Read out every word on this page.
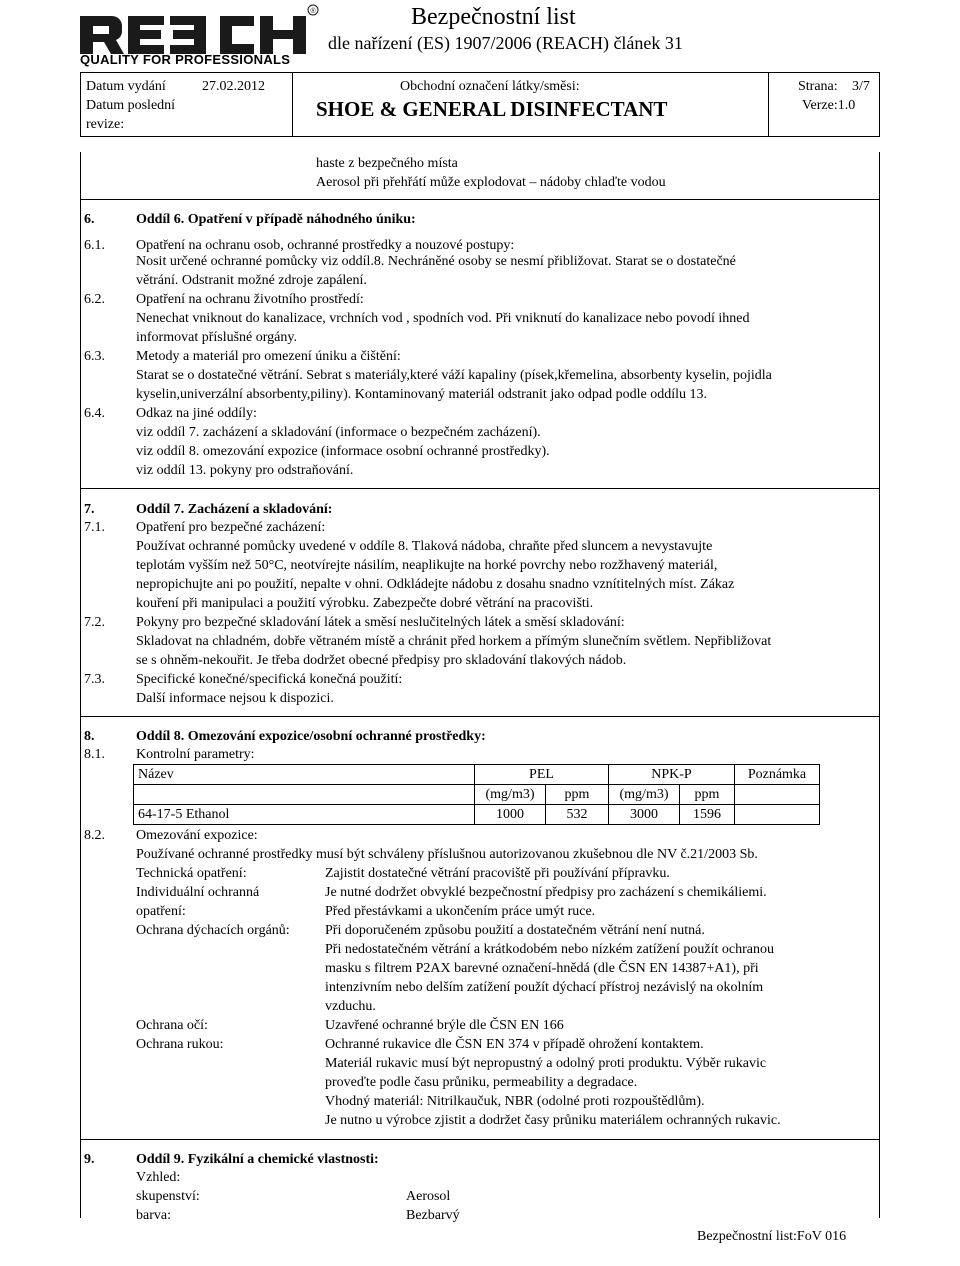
®
QUALITY FOR PROFESSIONALS
Bezpečnostní list
dle nařízení (ES) 1907/2006 (REACH) článek 31
Datum vydání	27.02.2012
Datum poslední
revize:
Obchodní označení látky/směsi:
SHOE & GENERAL DISINFECTANT
Strana: 3/7
Verze:1.0
haste z bezpečného místa
Aerosol při přehřátí může explodovat – nádoby chlaďte vodou
6.	Oddíl 6. Opatření v případě náhodného úniku:
6.1. Opatření na ochranu osob, ochranné prostředky a nouzové postupy:
Nosit určené ochranné pomůcky viz oddíl.8. Nechráněné osoby se nesmí přibližovat. Starat se o dostatečné
větrání. Odstranit možné zdroje zapálení.
6.2. Opatření na ochranu životního prostředí:
Nenechat vniknout do kanalizace, vrchních vod , spodních vod. Při vniknutí do kanalizace nebo povodí ihned
informovat příslušné orgány.
6.3. Metody a materiál pro omezení úniku a čištění:
Starat se o dostatečné větrání. Sebrat s materiály,které váží kapaliny (písek,křemelina, absorbenty kyselin, pojidla
kyselin,univerzální absorbenty,piliny). Kontaminovaný materiál odstranit jako odpad podle oddílu 13.
6.4. Odkaz na jiné oddíly:
viz oddíl 7. zacházení a skladování (informace o bezpečném zacházení).
viz oddíl 8. omezování expozice (informace osobní ochranné prostředky).
viz oddíl 13. pokyny pro odstraňování.
7.	Oddíl 7. Zacházení a skladování:
7.1. Opatření pro bezpečné zacházení:
Používat ochranné pomůcky uvedené v oddíle 8. Tlaková nádoba, chraňte před sluncem a nevystavujte
teplotám vyšším než 50°C, neotvírejte násilím, neaplikujte na horké povrchy nebo rozžhavený materiál,
nepropichujte ani po použití, nepalte v ohni. Odkládejte nádobu z dosahu snadno vznítitelných míst. Zákaz
kouření při manipulaci a použití výrobku. Zabezpečte dobré větrání na pracovišti.
7.2. Pokyny pro bezpečné skladování látek a směsí neslučitelných látek a směsí skladování:
Skladovat na chladném, dobře větraném místě a chránit před horkem a přímým slunečním světlem. Nepřibližovat
se s ohněm-nekouřit. Je třeba dodržet obecné předpisy pro skladování tlakových nádob.
7.3. Specifické konečné/specifická konečná použití:
Další informace nejsou k dispozici.
8.	Oddíl 8. Omezování expozice/osobní ochranné prostředky:
8.1. Kontrolní parametry:
Název	PEL		NPK-P		Poznámka
	(mg/m3)	ppm	(mg/m3)	ppm	
64-17-5 Ethanol	1000	532	3000	1596	
8.2. Omezování expozice:
Používané ochranné prostředky musí být schváleny příslušnou autorizovanou zkušebnou dle NV č.21/2003 Sb.
Technická opatření:	Zajistit dostatečné větrání pracoviště při používání přípravku.
Individuální ochranná
opatření:
Je nutné dodržet obvyklé bezpečnostní předpisy pro zacházení s chemikáliemi.
Před přestávkami a ukončením práce umýt ruce.
Ochrana dýchacích orgánů:	Při doporučeném způsobu použití a dostatečném větrání není nutná.
Při nedostatečném větrání a krátkodobém nebo nízkém zatížení použít ochranou
masku s filtrem P2AX barevné označení-hnědá (dle ČSN EN 14387+A1), při
intenzivním nebo delším zatížení použít dýchací přístroj nezávislý na okolním
vzduchu.
Ochrana očí:	Uzavřené ochranné brýle dle ČSN EN 166
Ochrana rukou:	Ochranné rukavice dle ČSN EN 374 v případě ohrožení kontaktem.
Materiál rukavic musí být nepropustný a odolný proti produktu. Výběr rukavic
proveďte podle času průniku, permeability a degradace.
Vhodný materiál: Nitrilkaučuk, NBR (odolné proti rozpouštědlům).
Je nutno u výrobce zjistit a dodržet časy průniku materiálem ochranných rukavic.
9.	Oddíl 9. Fyzikální a chemické vlastnosti:
Vzhled:
skupenství:	Aerosol
barva:	Bezbarvý
Bezpečnostní list:FoV 016
